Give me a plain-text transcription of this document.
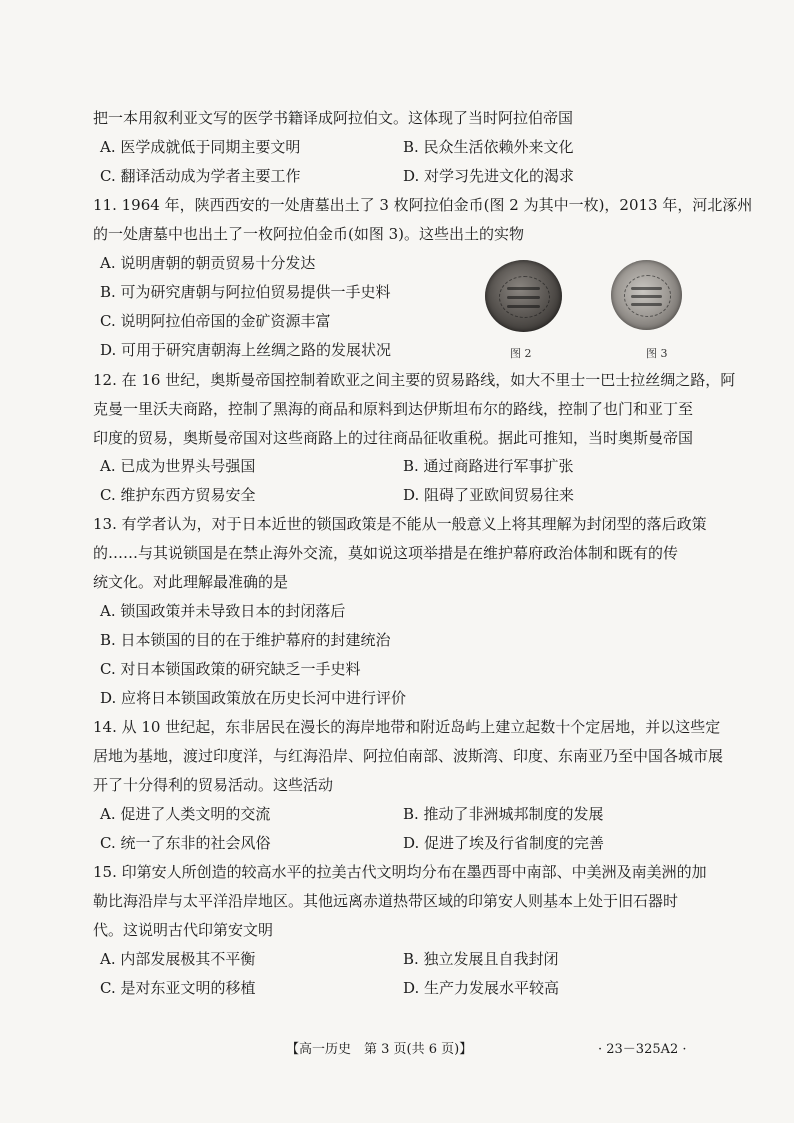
把一本用叙利亚文写的医学书籍译成阿拉伯文。这体现了当时阿拉伯帝国
A. 医学成就低于同期主要文明	B. 民众生活依赖外来文化
C. 翻译活动成为学者主要工作	D. 对学习先进文化的渴求
11. 1964 年，陕西西安的一处唐墓出土了 3 枚阿拉伯金币(图 2 为其中一枚)，2013 年，河北涿州
的一处唐墓中也出土了一枚阿拉伯金币(如图 3)。这些出土的实物
A. 说明唐朝的朝贡贸易十分发达
B. 可为研究唐朝与阿拉伯贸易提供一手史料
C. 说明阿拉伯帝国的金矿资源丰富
D. 可用于研究唐朝海上丝绸之路的发展状况	图 2	图 3
12. 在 16 世纪，奥斯曼帝国控制着欧亚之间主要的贸易路线，如大不里士一巴士拉丝绸之路，阿
克曼一里沃夫商路，控制了黑海的商品和原料到达伊斯坦布尔的路线，控制了也门和亚丁至
印度的贸易，奥斯曼帝国对这些商路上的过往商品征收重税。据此可推知，当时奥斯曼帝国
A. 已成为世界头号强国	B. 通过商路进行军事扩张
C. 维护东西方贸易安全	D. 阻碍了亚欧间贸易往来
13. 有学者认为，对于日本近世的锁国政策是不能从一般意义上将其理解为封闭型的落后政策
的……与其说锁国是在禁止海外交流，莫如说这项举措是在维护幕府政治体制和既有的传
统文化。对此理解最准确的是
A. 锁国政策并未导致日本的封闭落后
B. 日本锁国的目的在于维护幕府的封建统治
C. 对日本锁国政策的研究缺乏一手史料
D. 应将日本锁国政策放在历史长河中进行评价
14. 从 10 世纪起，东非居民在漫长的海岸地带和附近岛屿上建立起数十个定居地，并以这些定
居地为基地，渡过印度洋，与红海沿岸、阿拉伯南部、波斯湾、印度、东南亚乃至中国各城市展
开了十分得利的贸易活动。这些活动
A. 促进了人类文明的交流	B. 推动了非洲城邦制度的发展
C. 统一了东非的社会风俗	D. 促进了埃及行省制度的完善
15. 印第安人所创造的较高水平的拉美古代文明均分布在墨西哥中南部、中美洲及南美洲的加
勒比海沿岸与太平洋沿岸地区。其他远离赤道热带区域的印第安人则基本上处于旧石器时
代。这说明古代印第安文明
A. 内部发展极其不平衡	B. 独立发展且自我封闭
C. 是对东亚文明的移植	D. 生产力发展水平较高
【高一历史　第 3 页(共 6 页)】	· 23－325A2 ·
